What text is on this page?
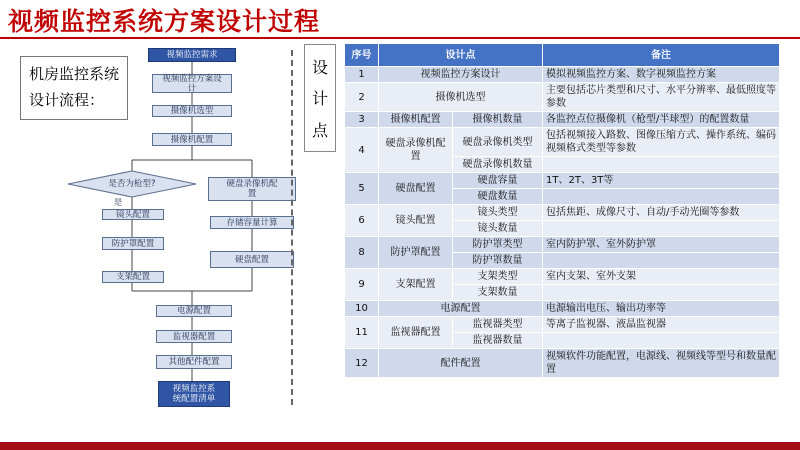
视频监控系统方案设计过程
机房监控系统
设计流程：
视频监控需求
视频监控方案设
计
摄像机选型
摄像机配置
是否为枪型?
是
硬盘录像机配
置
镜头配置
存储容量计算
防护罩配置
硬盘配置
支架配置
电源配置
监视器配置
其他配件配置
视频监控系
统配置清单
设
计
点
序号	设计点		备注
1	视频监控方案设计		模拟视频监控方案、数字视频监控方案
2	摄像机选型		主要包括芯片类型和尺寸、水平分辨率、最低照度等参数
3	摄像机配置	摄像机数量	各监控点位摄像机（枪型/半球型）的配置数量
4	硬盘录像机配置	硬盘录像机类型	包括视频接入路数、图像压缩方式、操作系统、编码视频格式类型等参数
		硬盘录像机数量	
5	硬盘配置	硬盘容量	1T、2T、3T等
		硬盘数量	
6	镜头配置	镜头类型	包括焦距、成像尺寸、自动/手动光圈等参数
		镜头数量	
8	防护罩配置	防护罩类型	室内防护罩、室外防护罩
		防护罩数量	
9	支架配置	支架类型	室内支架、室外支架
		支架数量	
10	电源配置		电源输出电压、输出功率等
11	监视器配置	监视器类型	等离子监视器、液晶监视器
		监视器数量	
12	配件配置		视频软件功能配置，电源线、视频线等型号和数量配置
